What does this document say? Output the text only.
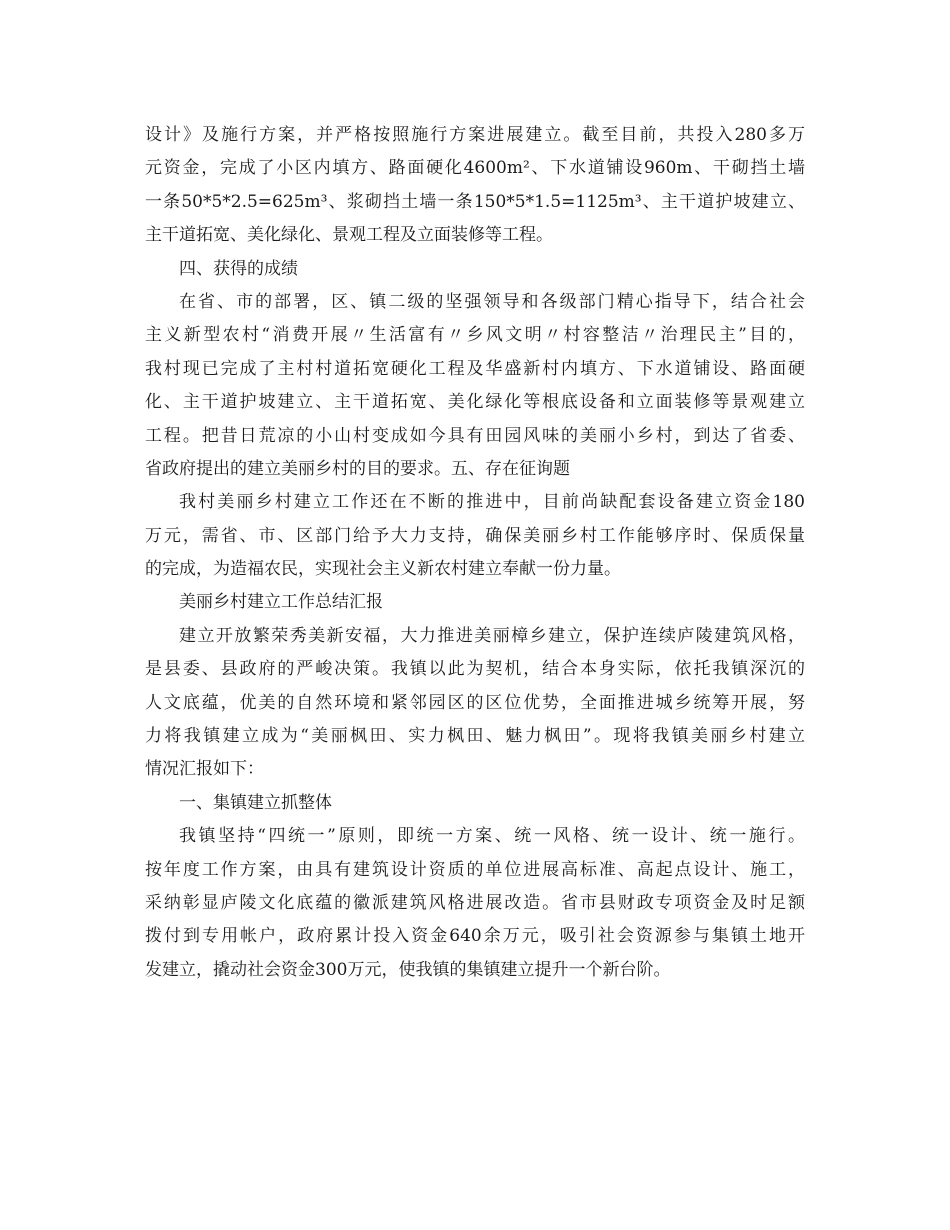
设计》及施行方案，并严格按照施行方案进展建立。截至目前，共投入280多万
元资金，完成了小区内填方、路面硬化4600m²、下水道铺设960m、干砌挡土墙
一条50*5*2.5=625m³、浆砌挡土墙一条150*5*1.5=1125m³、主干道护坡建立、
主干道拓宽、美化绿化、景观工程及立面装修等工程。
四、获得的成绩
在省、市的部署，区、镇二级的坚强领导和各级部门精心指导下，结合社会
主义新型农村“消费开展〃生活富有〃乡风文明〃村容整洁〃治理民主”目的，
我村现已完成了主村村道拓宽硬化工程及华盛新村内填方、下水道铺设、路面硬
化、主干道护坡建立、主干道拓宽、美化绿化等根底设备和立面装修等景观建立
工程。把昔日荒凉的小山村变成如今具有田园风味的美丽小乡村，到达了省委、
省政府提出的建立美丽乡村的目的要求。五、存在征询题
我村美丽乡村建立工作还在不断的推进中，目前尚缺配套设备建立资金180
万元，需省、市、区部门给予大力支持，确保美丽乡村工作能够序时、保质保量
的完成，为造福农民，实现社会主义新农村建立奉献一份力量。
美丽乡村建立工作总结汇报
建立开放繁荣秀美新安福，大力推进美丽樟乡建立，保护连续庐陵建筑风格，
是县委、县政府的严峻决策。我镇以此为契机，结合本身实际，依托我镇深沉的
人文底蕴，优美的自然环境和紧邻园区的区位优势，全面推进城乡统筹开展，努
力将我镇建立成为“美丽枫田、实力枫田、魅力枫田”。现将我镇美丽乡村建立
情况汇报如下：
一、集镇建立抓整体
我镇坚持“四统一”原则，即统一方案、统一风格、统一设计、统一施行。
按年度工作方案，由具有建筑设计资质的单位进展高标准、高起点设计、施工，
采纳彰显庐陵文化底蕴的徽派建筑风格进展改造。省市县财政专项资金及时足额
拨付到专用帐户，政府累计投入资金640余万元，吸引社会资源参与集镇土地开
发建立，撬动社会资金300万元，使我镇的集镇建立提升一个新台阶。
